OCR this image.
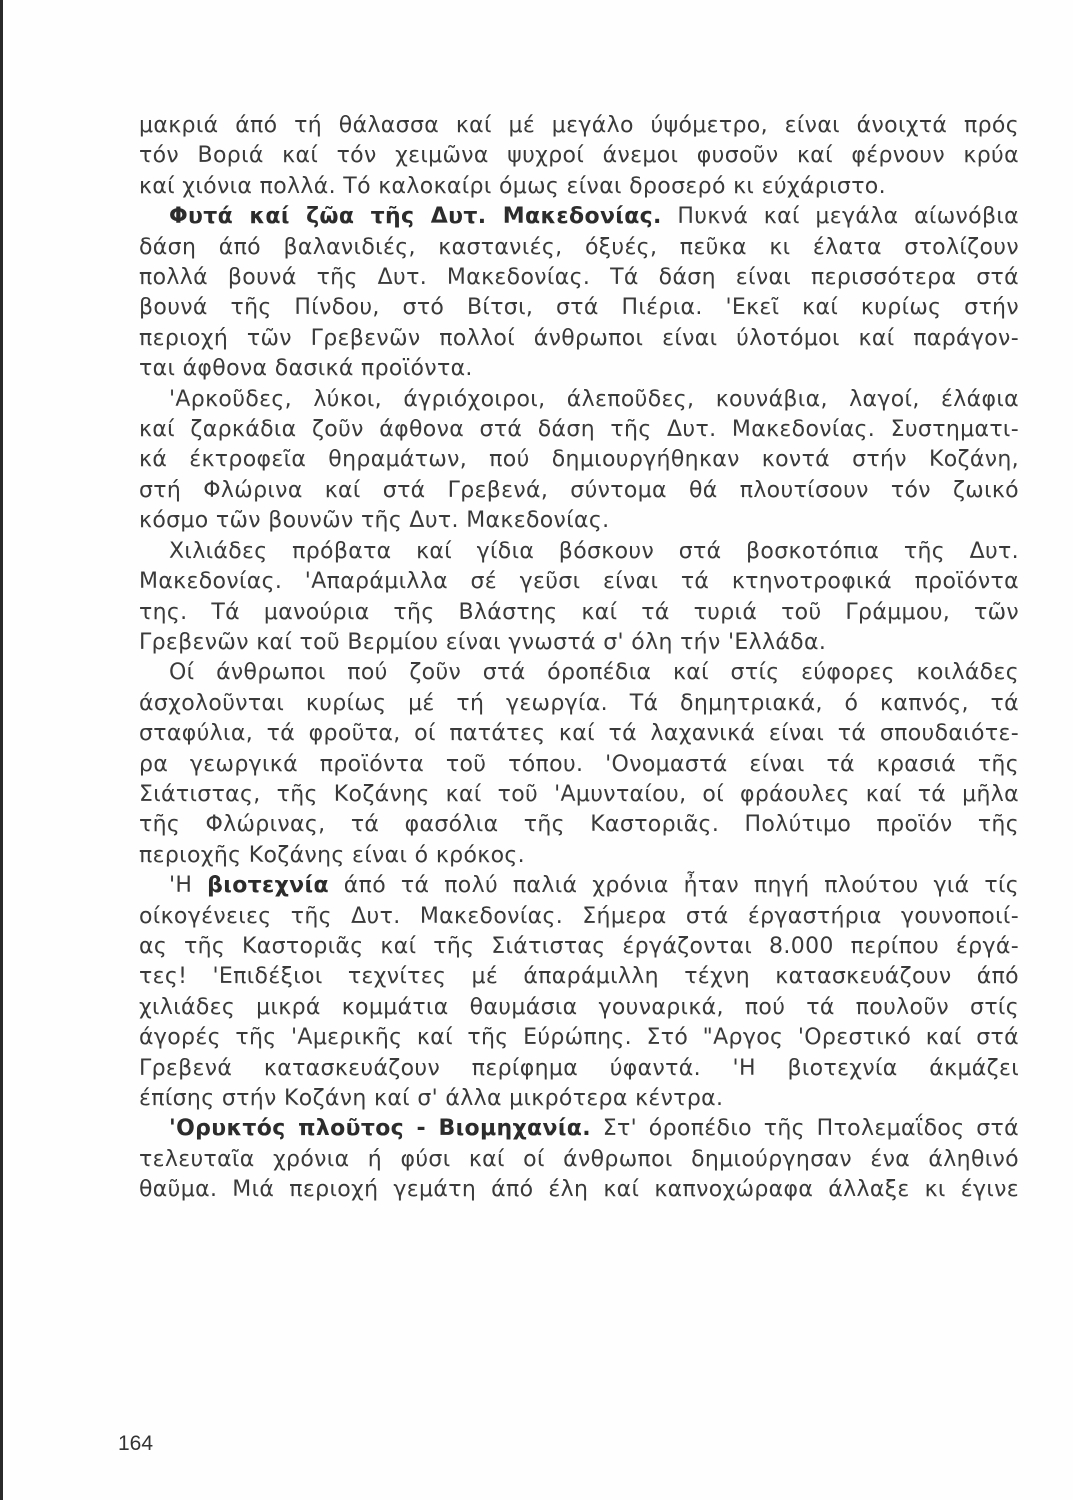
μακριά άπό τή θάλασσα καί μέ μεγάλο ύψόμετρο, είναι άνοιχτά πρός
τόν Βοριά καί τόν χειμῶνα ψυχροί άνεμοι φυσοῦν καί φέρνουν κρύα
καί χιόνια πολλά. Τό καλοκαίρι όμως είναι δροσερό κι εύχάριστο.
Φυτά καί ζῶα τῆς Δυτ. Μακεδονίας. Πυκνά καί μεγάλα αίωνόβια
δάση άπό βαλανιδιές, καστανιές, όξυές, πεῦκα κι έλατα στολίζουν
πολλά βουνά τῆς Δυτ. Μακεδονίας. Τά δάση είναι περισσότερα στά
βουνά τῆς Πίνδου, στό Βίτσι, στά Πιέρια. 'Εκεῖ καί κυρίως στήν
περιοχή τῶν Γρεβενῶν πολλοί άνθρωποι είναι ύλοτόμοι καί παράγον-
ται άφθονα δασικά προϊόντα.
'Αρκοῦδες, λύκοι, άγριόχοιροι, άλεποῦδες, κουνάβια, λαγοί, έλάφια
καί ζαρκάδια ζοῦν άφθονα στά δάση τῆς Δυτ. Μακεδονίας. Συστηματι-
κά έκτροφεῖα θηραμάτων, πού δημιουργήθηκαν κοντά στήν Κοζάνη,
στή Φλώρινα καί στά Γρεβενά, σύντομα θά πλουτίσουν τόν ζωικό
κόσμο τῶν βουνῶν τῆς Δυτ. Μακεδονίας.
Χιλιάδες πρόβατα καί γίδια βόσκουν στά βοσκοτόπια τῆς Δυτ.
Μακεδονίας. 'Απαράμιλλα σέ γεῦσι είναι τά κτηνοτροφικά προϊόντα
της. Τά μανούρια τῆς Βλάστης καί τά τυριά τοῦ Γράμμου, τῶν
Γρεβενῶν καί τοῦ Βερμίου είναι γνωστά σ' όλη τήν 'Ελλάδα.
Οί άνθρωποι πού ζοῦν στά όροπέδια καί στίς εύφορες κοιλάδες
άσχολοῦνται κυρίως μέ τή γεωργία. Τά δημητριακά, ό καπνός, τά
σταφύλια, τά φροῦτα, οί πατάτες καί τά λαχανικά είναι τά σπουδαιότε-
ρα γεωργικά προϊόντα τοῦ τόπου. 'Ονομαστά είναι τά κρασιά τῆς
Σιάτιστας, τῆς Κοζάνης καί τοῦ 'Αμυνταίου, οί φράουλες καί τά μῆλα
τῆς Φλώρινας, τά φασόλια τῆς Καστοριᾶς. Πολύτιμο προϊόν τῆς
περιοχῆς Κοζάνης είναι ό κρόκος.
'Η βιοτεχνία άπό τά πολύ παλιά χρόνια ἦταν πηγή πλούτου γιά τίς
οίκογένειες τῆς Δυτ. Μακεδονίας. Σήμερα στά έργαστήρια γουνοποιί-
ας τῆς Καστοριᾶς καί τῆς Σιάτιστας έργάζονται 8.000 περίπου έργά-
τες! 'Επιδέξιοι τεχνίτες μέ άπαράμιλλη τέχνη κατασκευάζουν άπό
χιλιάδες μικρά κομμάτια θαυμάσια γουναρικά, πού τά πουλοῦν στίς
άγορές τῆς 'Αμερικῆς καί τῆς Εύρώπης. Στό "Αργος 'Ορεστικό καί στά
Γρεβενά κατασκευάζουν περίφημα ύφαντά. 'Η βιοτεχνία άκμάζει
έπίσης στήν Κοζάνη καί σ' άλλα μικρότερα κέντρα.
'Ορυκτός πλοῦτος - Βιομηχανία. Στ' όροπέδιο τῆς Πτολεμαΐδος στά
τελευταῖα χρόνια ή φύσι καί οί άνθρωποι δημιούργησαν ένα άληθινό
θαῦμα. Μιά περιοχή γεμάτη άπό έλη καί καπνοχώραφα άλλαξε κι έγινε
164
